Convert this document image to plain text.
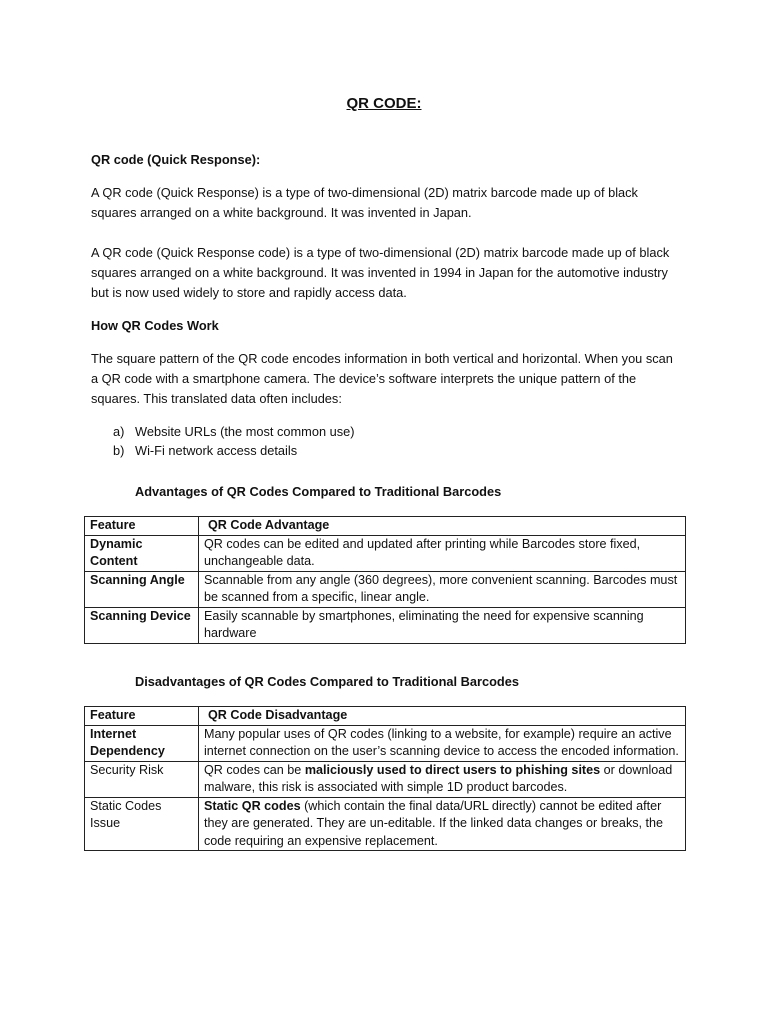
QR CODE:
QR code (Quick Response):
A QR code (Quick Response) is a type of two-dimensional (2D) matrix barcode made up of black squares arranged on a white background. It was invented in Japan.
A QR code (Quick Response code) is a type of two-dimensional (2D) matrix barcode made up of black squares arranged on a white background. It was invented in 1994 in Japan for the automotive industry but is now used widely to store and rapidly access data.
How QR Codes Work
The square pattern of the QR code encodes information in both vertical and horizontal. When you scan a QR code with a smartphone camera. The device’s software interprets the unique pattern of the squares. This translated data often includes:
a) Website URLs (the most common use)
b) Wi-Fi network access details
Advantages of QR Codes Compared to Traditional Barcodes
Feature	QR Code Advantage
Dynamic Content	QR codes can be edited and updated after printing while Barcodes store fixed, unchangeable data.
Scanning Angle	Scannable from any angle (360 degrees), more convenient scanning. Barcodes must be scanned from a specific, linear angle.
Scanning Device	Easily scannable by smartphones, eliminating the need for expensive scanning hardware
Disadvantages of QR Codes Compared to Traditional Barcodes
Feature	QR Code Disadvantage
Internet Dependency	Many popular uses of QR codes (linking to a website, for example) require an active internet connection on the user’s scanning device to access the encoded information.
Security Risk	QR codes can be maliciously used to direct users to phishing sites or download malware, this risk is associated with simple 1D product barcodes.
Static Codes Issue	Static QR codes (which contain the final data/URL directly) cannot be edited after they are generated. They are un-editable. If the linked data changes or breaks, the code requiring an expensive replacement.
